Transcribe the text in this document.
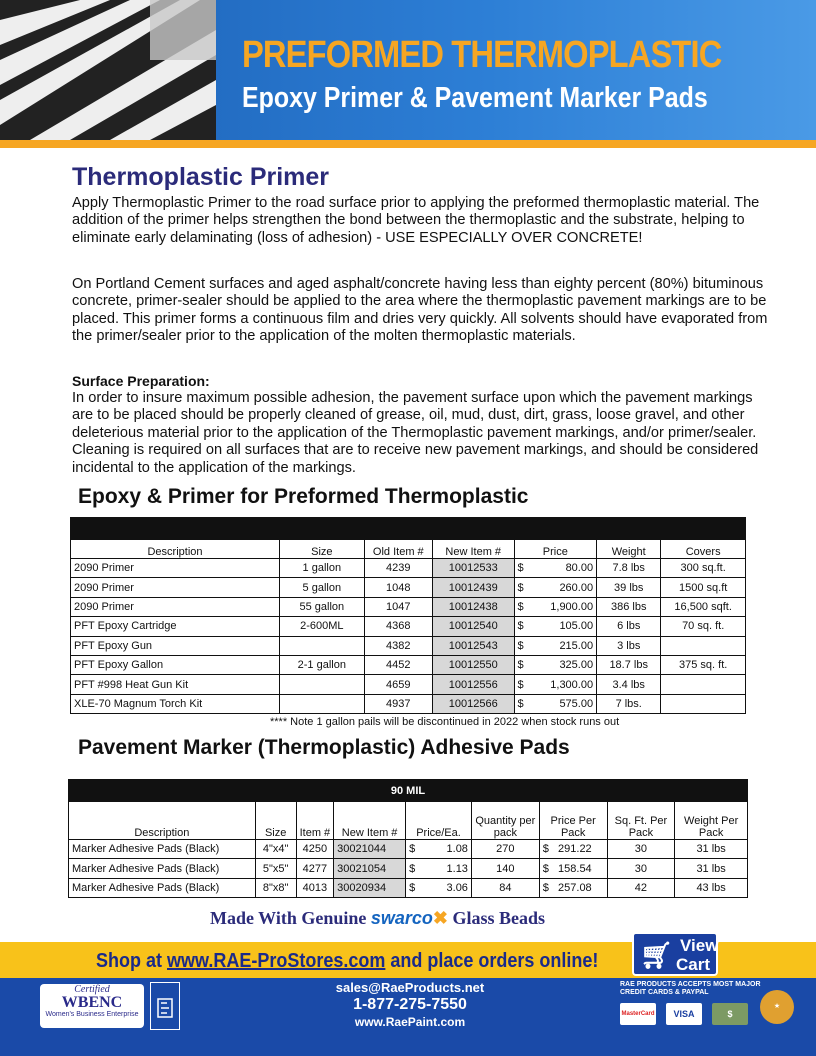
PREFORMED THERMOPLASTIC
Epoxy Primer & Pavement Marker Pads
Thermoplastic Primer
Apply Thermoplastic Primer to the road surface prior to applying the preformed thermoplastic material. The addition of the primer helps strengthen the bond between the thermoplastic and the substrate, helping to eliminate early delaminating (loss of adhesion) - USE ESPECIALLY OVER CONCRETE!
On Portland Cement surfaces and aged asphalt/concrete having less than eighty percent (80%) bituminous concrete, primer-sealer should be applied to the area where the thermoplastic pavement markings are to be placed. This primer forms a continuous film and dries very quickly. All solvents should have evaporated from the primer/sealer prior to the application of the molten thermoplastic materials.
Surface Preparation:
In order to insure maximum possible adhesion, the pavement surface upon which the pavement markings are to be placed should be properly cleaned of grease, oil, mud, dust, dirt, grass, loose gravel, and other deleterious material prior to the application of the Thermoplastic pavement markings, and/or primer/sealer. Cleaning is required on all surfaces that are to receive new pavement markings, and should be considered incidental to the application of the markings.
Epoxy & Primer for Preformed Thermoplastic

Description	Size	Old Item #	New Item #	Price	Weight	Covers
2090 Primer	1 gallon	4239	10012533	$ 80.00	7.8 lbs	300 sq.ft.
2090 Primer	5 gallon	1048	10012439	$ 260.00	39 lbs	1500 sq.ft
2090 Primer	55 gallon	1047	10012438	$ 1,900.00	386 lbs	16,500 sqft.
PFT Epoxy Cartridge	2-600ML	4368	10012540	$ 105.00	6 lbs	70 sq. ft.
PFT Epoxy Gun		4382	10012543	$ 215.00	3 lbs	
PFT Epoxy Gallon	2-1 gallon	4452	10012550	$ 325.00	18.7 lbs	375 sq. ft.
PFT #998 Heat Gun Kit		4659	10012556	$ 1,300.00	3.4 lbs	
XLE-70 Magnum Torch Kit		4937	10012566	$ 575.00	7 lbs.	
**** Note 1 gallon pails will be discontinued in 2022 when stock runs out
Pavement Marker (Thermoplastic) Adhesive Pads
90 MIL								
Description	Size	Item #	New Item #	Price/Ea.	Quantity per pack	Price Per Pack	Sq. Ft. Per Pack	Weight Per Pack
Marker Adhesive Pads (Black)	4"x4"	4250	30021044	$ 1.08	270	$ 291.22	30	31 lbs
Marker Adhesive Pads (Black)	5"x5"	4277	30021054	$ 1.13	140	$ 158.54	30	31 lbs
Marker Adhesive Pads (Black)	8"x8"	4013	30020934	$ 3.06	84	$ 257.08	42	43 lbs
Made With Genuine swarco✖ Glass Beads
Shop at www.RAE-ProStores.com and place orders online! 🛒︎ View
Cart
Certified
WBENC
Women's Business Enterprise
sales@RaeProducts.net
1-877-275-7550
www.RaePaint.com
RAE PRODUCTS ACCEPTS MOST MAJOR CREDIT CARDS & PAYPAL
MasterCard	VISA	$
★
